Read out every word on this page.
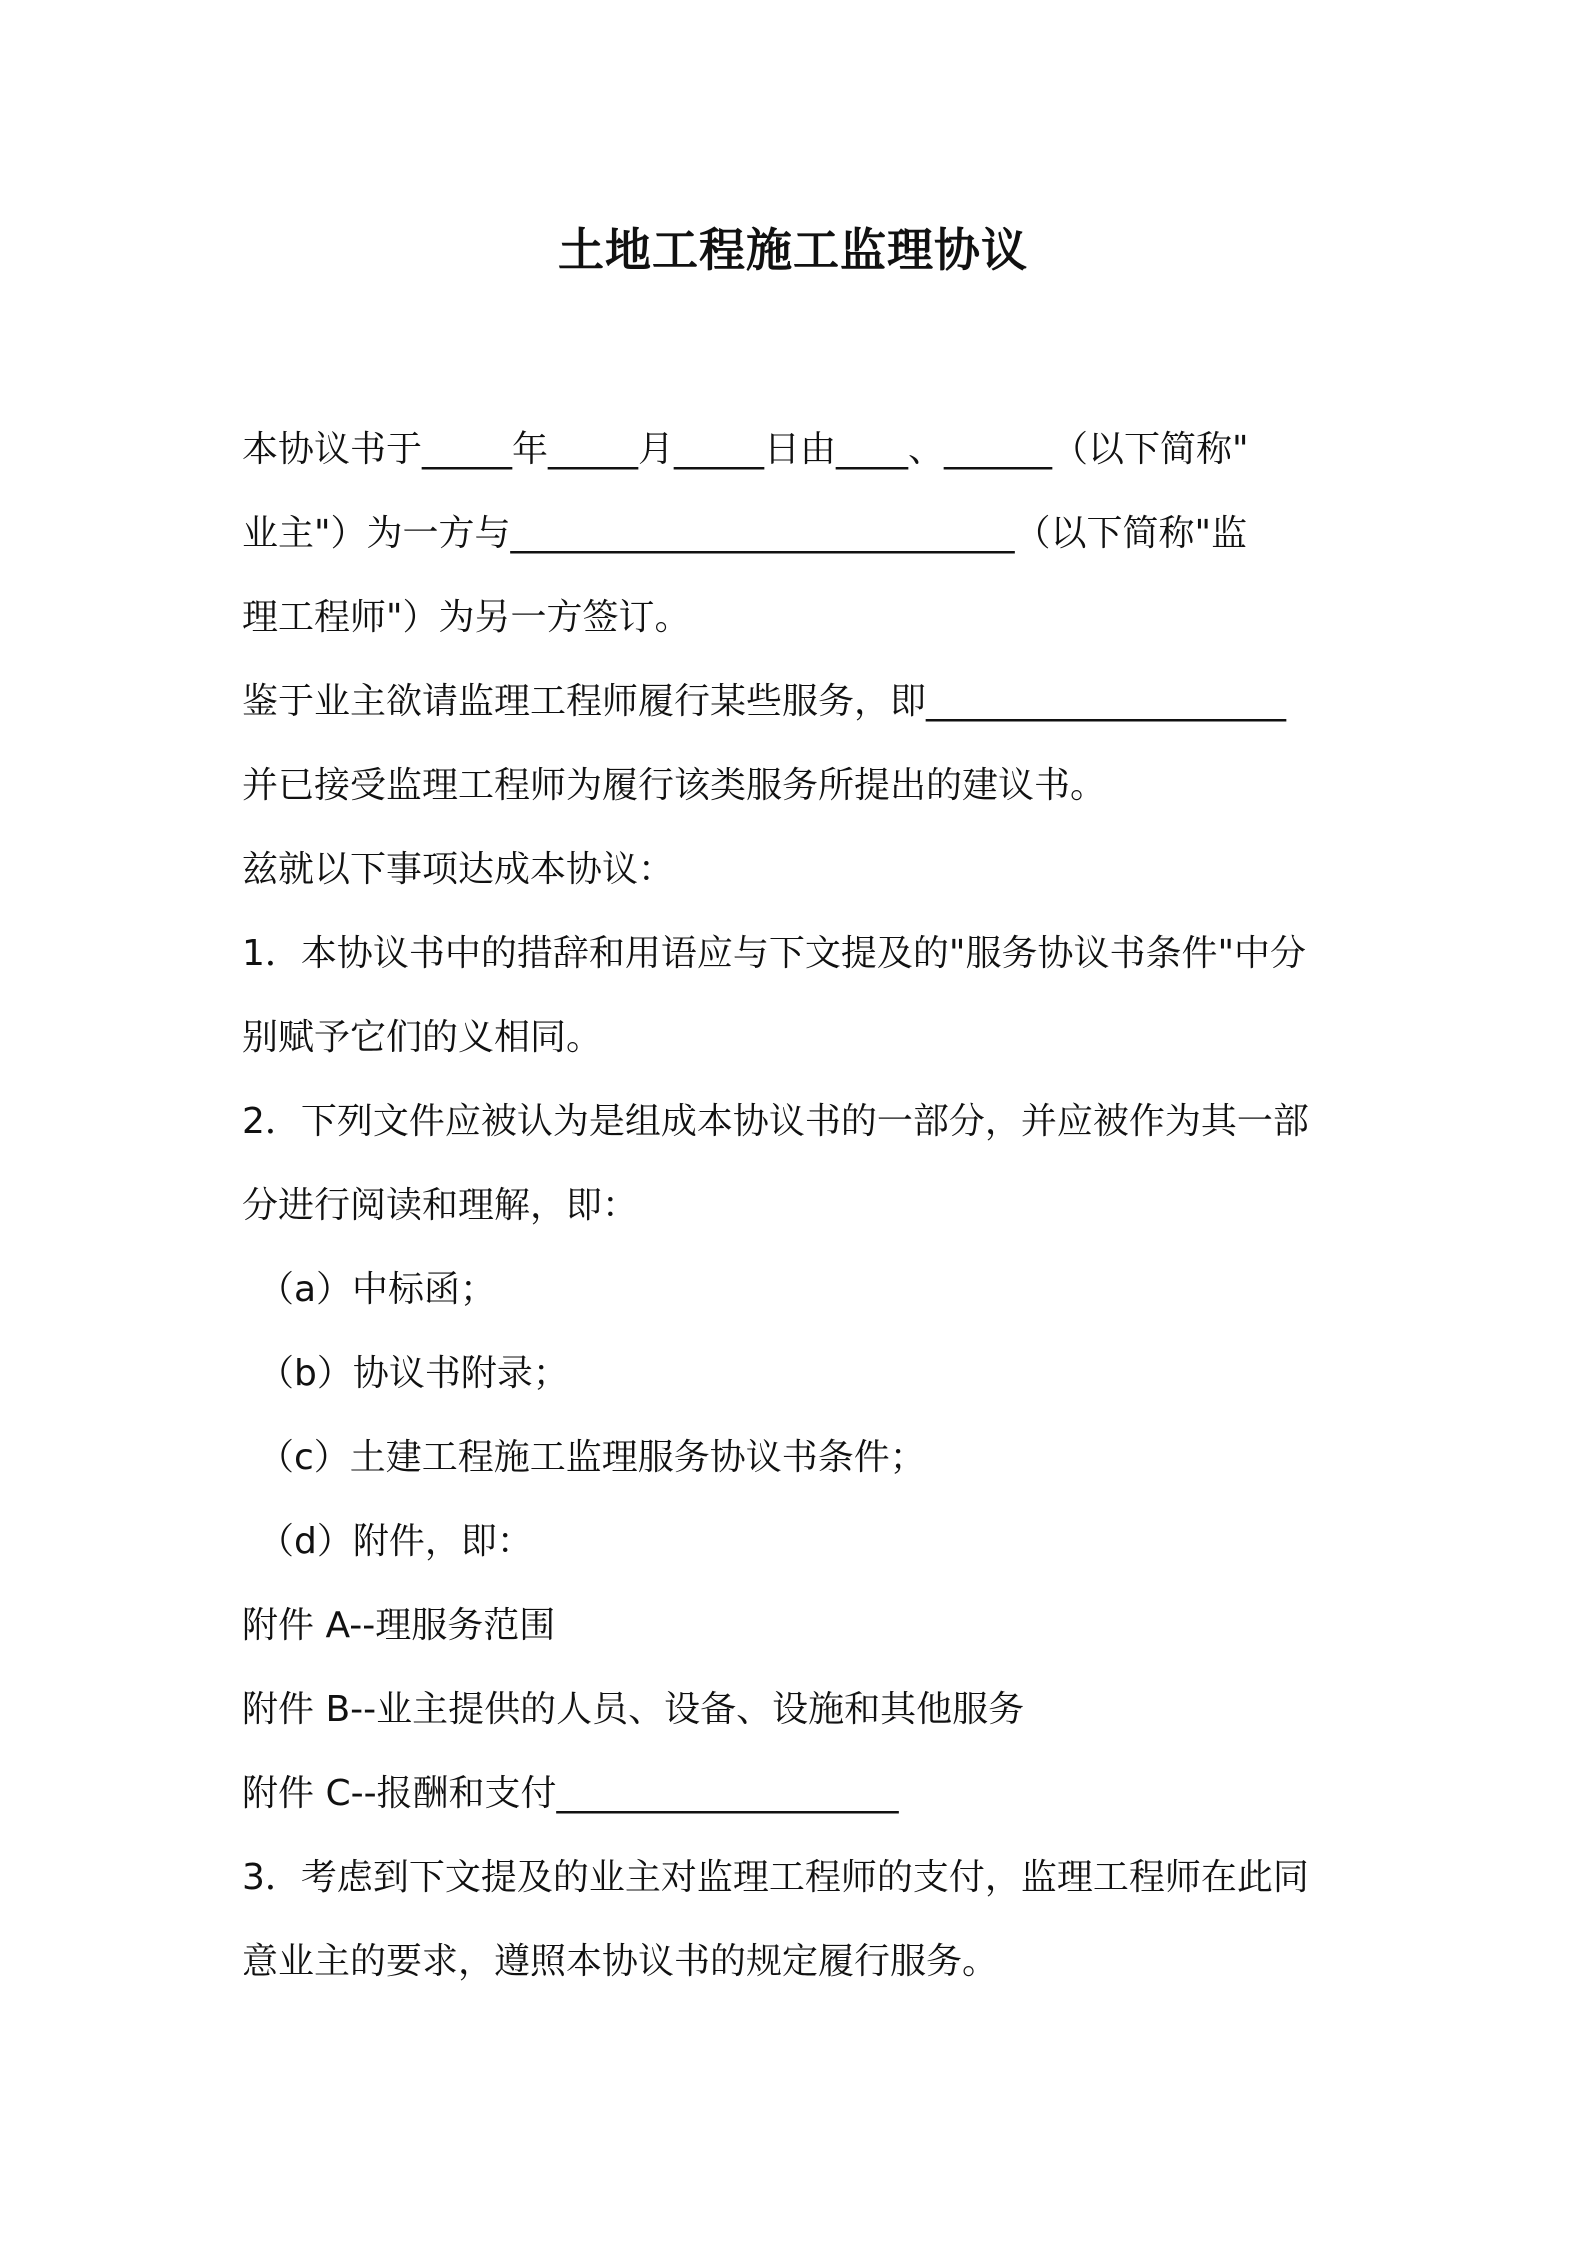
土地工程施工监理协议
本协议书于_____年_____月_____日由____、______（以下简称"
业主"）为一方与____________________________（以下简称"监
理工程师"）为另一方签订。
鉴于业主欲请监理工程师履行某些服务，即____________________
并已接受监理工程师为履行该类服务所提出的建议书。
兹就以下事项达成本协议：
1．本协议书中的措辞和用语应与下文提及的"服务协议书条件"中分
别赋予它们的义相同。
2．下列文件应被认为是组成本协议书的一部分，并应被作为其一部
分进行阅读和理解，即：
（a）中标函；
（b）协议书附录；
（c）土建工程施工监理服务协议书条件；
（d）附件，即：
附件 A--理服务范围
附件 B--业主提供的人员、设备、设施和其他服务
附件 C--报酬和支付___________________
3．考虑到下文提及的业主对监理工程师的支付，监理工程师在此同
意业主的要求，遵照本协议书的规定履行服务。
